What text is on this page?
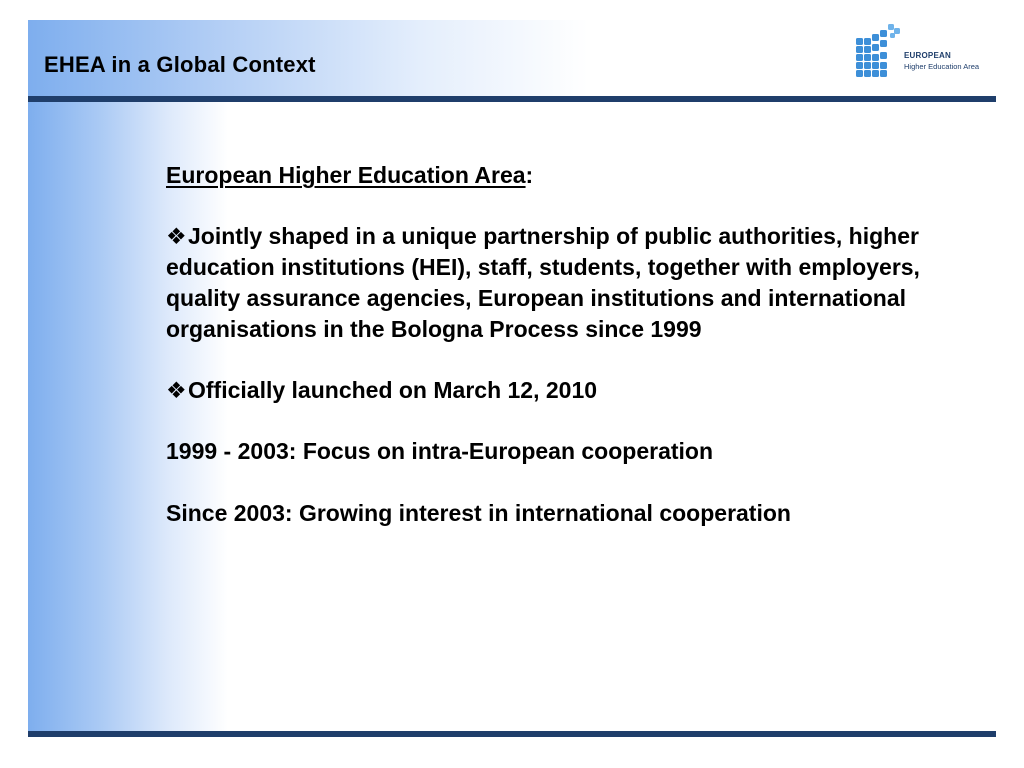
EHEA in a Global Context	EUROPEAN
Higher Education Area

European Higher Education Area:

❖Jointly shaped in a unique partnership of public authorities, higher education institutions (HEI), staff, students, together with employers, quality assurance agencies, European institutions and international organisations in the Bologna Process since 1999

❖Officially launched on March 12, 2010

1999 - 2003: Focus on intra-European cooperation

Since 2003: Growing interest in international cooperation
